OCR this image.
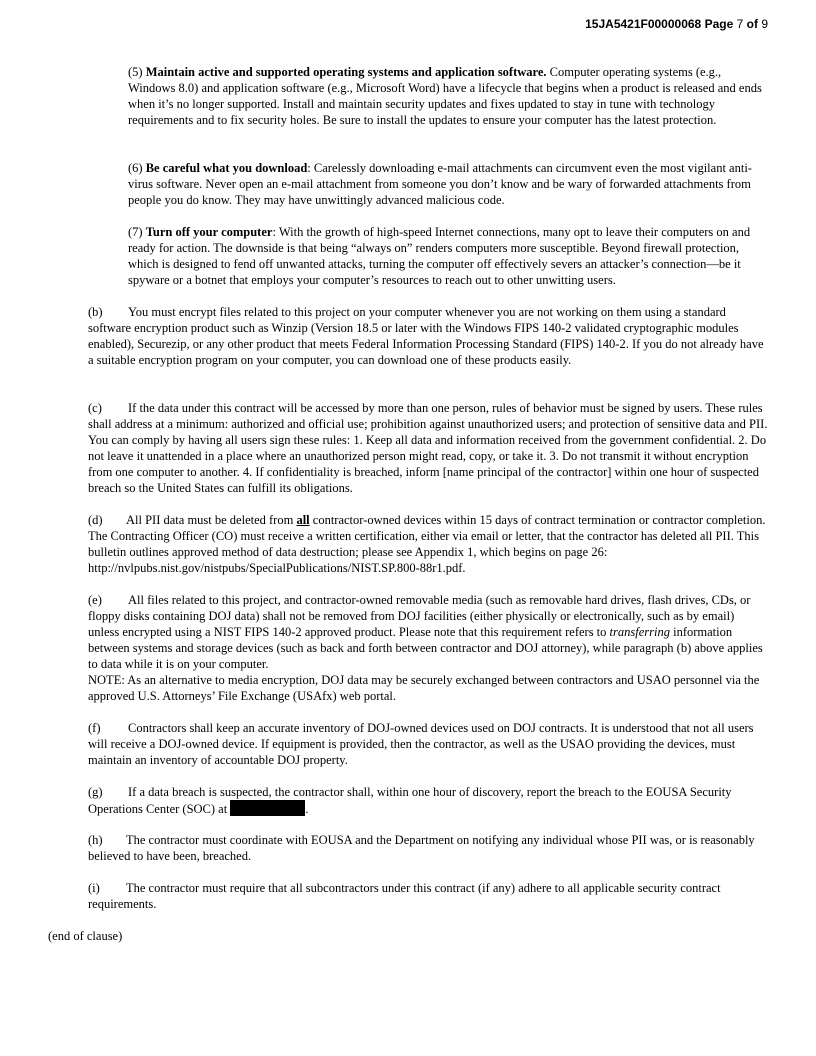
15JA5421F00000068 Page 7 of 9

(5) Maintain active and supported operating systems and application software. Computer operating systems (e.g., Windows 8.0) and application software (e.g., Microsoft Word) have a lifecycle that begins when a product is released and ends when it’s no longer supported. Install and maintain security updates and fixes updated to stay in tune with technology requirements and to fix security holes. Be sure to install the updates to ensure your computer has the latest protection.

(6) Be careful what you download: Carelessly downloading e-mail attachments can circumvent even the most vigilant anti-virus software. Never open an e-mail attachment from someone you don’t know and be wary of forwarded attachments from people you do know. They may have unwittingly advanced malicious code.

(7) Turn off your computer: With the growth of high-speed Internet connections, many opt to leave their computers on and ready for action. The downside is that being “always on” renders computers more susceptible. Beyond firewall protection, which is designed to fend off unwanted attacks, turning the computer off effectively severs an attacker’s connection—be it spyware or a botnet that employs your computer’s resources to reach out to other unwitting users.

(b) You must encrypt files related to this project on your computer whenever you are not working on them using a standard software encryption product such as Winzip (Version 18.5 or later with the Windows FIPS 140-2 validated cryptographic modules enabled), Securezip, or any other product that meets Federal Information Processing Standard (FIPS) 140-2. If you do not already have a suitable encryption program on your computer, you can download one of these products easily.

(c) If the data under this contract will be accessed by more than one person, rules of behavior must be signed by users. These rules shall address at a minimum: authorized and official use; prohibition against unauthorized users; and protection of sensitive data and PII. You can comply by having all users sign these rules: 1. Keep all data and information received from the government confidential. 2. Do not leave it unattended in a place where an unauthorized person might read, copy, or take it. 3. Do not transmit it without encryption from one computer to another. 4. If confidentiality is breached, inform [name principal of the contractor] within one hour of suspected breach so the United States can fulfill its obligations.

(d) All PII data must be deleted from all contractor-owned devices within 15 days of contract termination or contractor completion. The Contracting Officer (CO) must receive a written certification, either via email or letter, that the contractor has deleted all PII. This bulletin outlines approved method of data destruction; please see Appendix 1, which begins on page 26: http://nvlpubs.nist.gov/nistpubs/SpecialPublications/NIST.SP.800-88r1.pdf.

(e) All files related to this project, and contractor-owned removable media (such as removable hard drives, flash drives, CDs, or floppy disks containing DOJ data) shall not be removed from DOJ facilities (either physically or electronically, such as by email) unless encrypted using a NIST FIPS 140-2 approved product. Please note that this requirement refers to transferring information between systems and storage devices (such as back and forth between contractor and DOJ attorney), while paragraph (b) above applies to data while it is on your computer.
NOTE: As an alternative to media encryption, DOJ data may be securely exchanged between contractors and USAO personnel via the approved U.S. Attorneys’ File Exchange (USAfx) web portal.

(f) Contractors shall keep an accurate inventory of DOJ-owned devices used on DOJ contracts. It is understood that not all users will receive a DOJ-owned device. If equipment is provided, then the contractor, as well as the USAO providing the devices, must maintain an inventory of accountable DOJ property.

(g) If a data breach is suspected, the contractor shall, within one hour of discovery, report the breach to the EOUSA Security Operations Center (SOC) at	.

(h) The contractor must coordinate with EOUSA and the Department on notifying any individual whose PII was, or is reasonably believed to have been, breached.

(i) The contractor must require that all subcontractors under this contract (if any) adhere to all applicable security contract requirements.

(end of clause)
